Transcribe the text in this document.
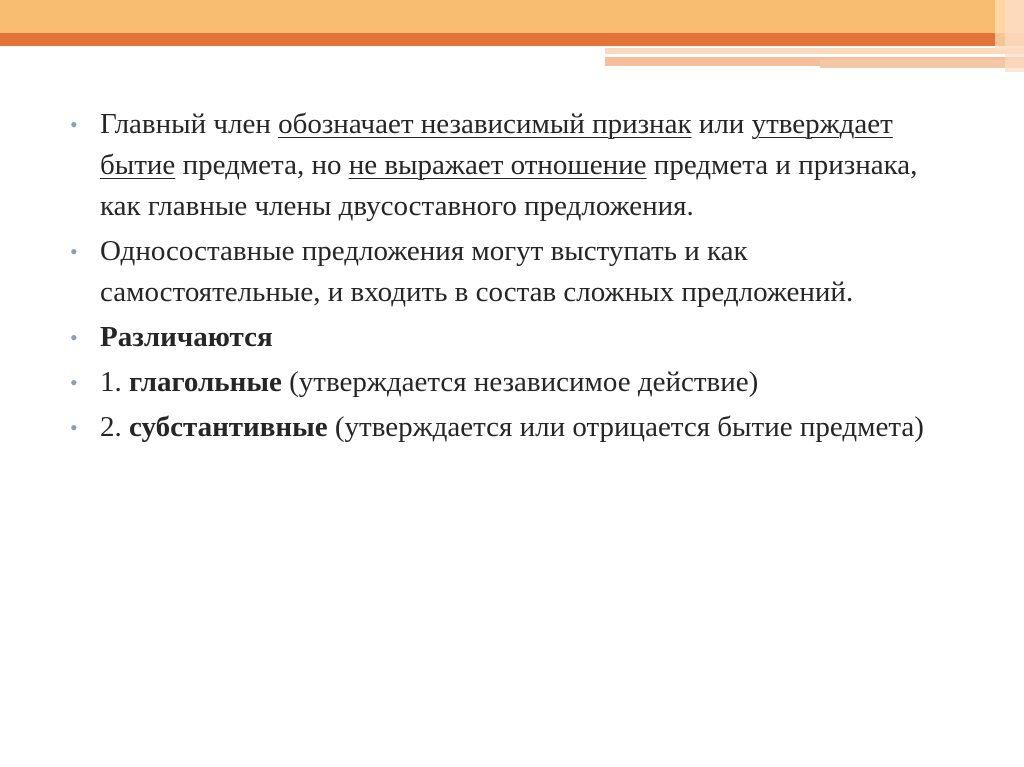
• Главный член обозначает независимый признак или утверждает бытие предмета, но не выражает отношение предмета и признака, как главные члены двусоставного предложения.
• Односоставные предложения могут выступать и как самостоятельные, и входить в состав сложных предложений.
• Различаются
• 1. глагольные (утверждается независимое действие)
• 2. субстантивные (утверждается или отрицается бытие предмета)
